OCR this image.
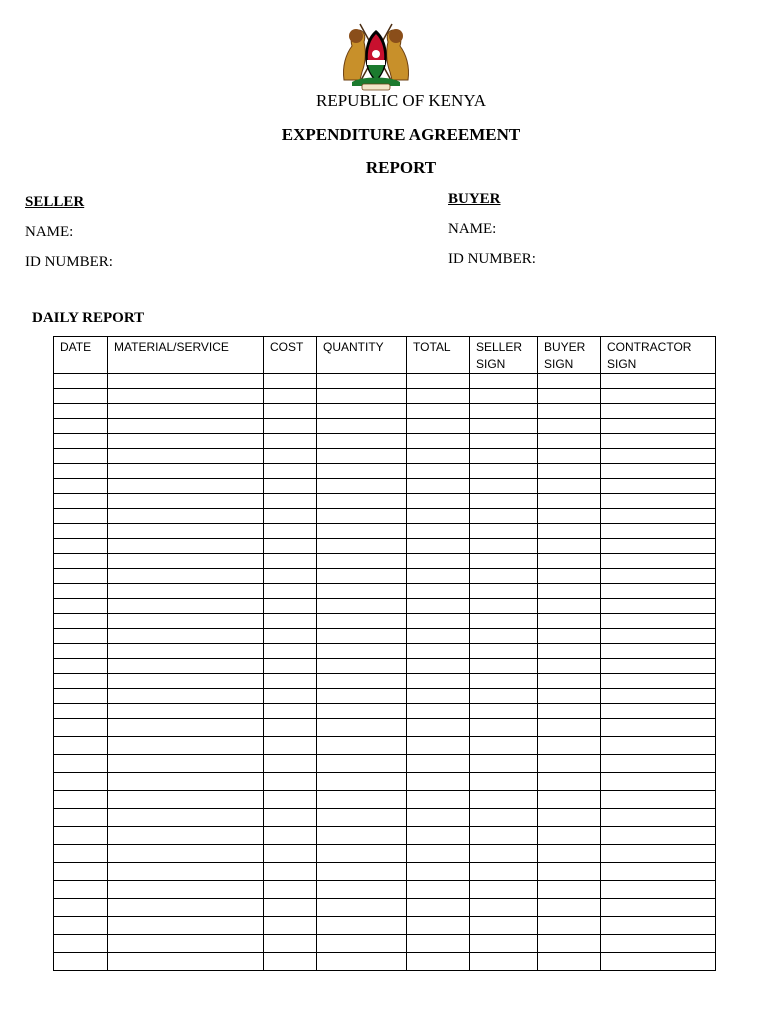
REPUBLIC OF KENYA
EXPENDITURE AGREEMENT
REPORT
SELLER
NAME:
ID NUMBER:
BUYER
NAME:
ID NUMBER:
DAILY REPORT
DATE	MATERIAL/SERVICE	COST	QUANTITY	TOTAL	SELLER SIGN	BUYER SIGN	CONTRACTOR SIGN
